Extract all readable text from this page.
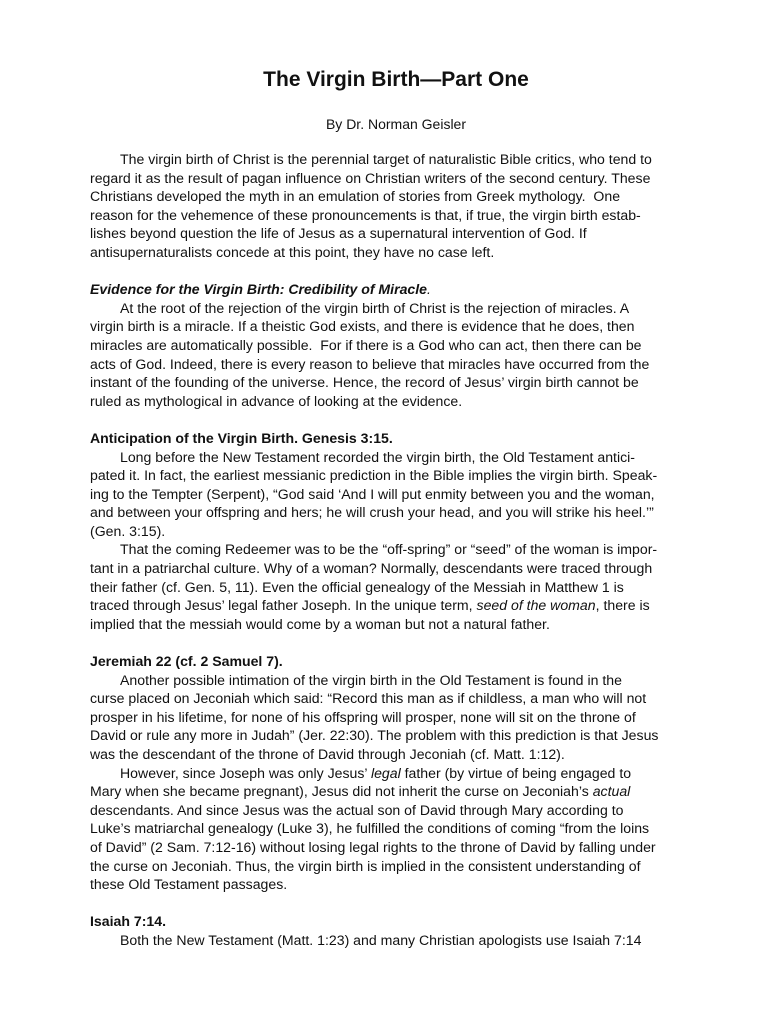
The Virgin Birth—Part One
By Dr. Norman Geisler
The virgin birth of Christ is the perennial target of naturalistic Bible critics, who tend to
regard it as the result of pagan influence on Christian writers of the second century. These
Christians developed the myth in an emulation of stories from Greek mythology.  One
reason for the vehemence of these pronouncements is that, if true, the virgin birth estab-
lishes beyond question the life of Jesus as a supernatural intervention of God. If
antisupernaturalists concede at this point, they have no case left.
Evidence for the Virgin Birth: Credibility of Miracle.
At the root of the rejection of the virgin birth of Christ is the rejection of miracles. A
virgin birth is a miracle. If a theistic God exists, and there is evidence that he does, then
miracles are automatically possible.  For if there is a God who can act, then there can be
acts of God. Indeed, there is every reason to believe that miracles have occurred from the
instant of the founding of the universe. Hence, the record of Jesus’ virgin birth cannot be
ruled as mythological in advance of looking at the evidence.
Anticipation of the Virgin Birth. Genesis 3:15.
Long before the New Testament recorded the virgin birth, the Old Testament antici-
pated it. In fact, the earliest messianic prediction in the Bible implies the virgin birth. Speak-
ing to the Tempter (Serpent), “God said ‘And I will put enmity between you and the woman,
and between your offspring and hers; he will crush your head, and you will strike his heel.’”
(Gen. 3:15).
That the coming Redeemer was to be the “off-spring” or “seed” of the woman is impor-
tant in a patriarchal culture. Why of a woman? Normally, descendants were traced through
their father (cf. Gen. 5, 11). Even the official genealogy of the Messiah in Matthew 1 is
traced through Jesus’ legal father Joseph. In the unique term, seed of the woman, there is
implied that the messiah would come by a woman but not a natural father.
Jeremiah 22 (cf. 2 Samuel 7).
Another possible intimation of the virgin birth in the Old Testament is found in the
curse placed on Jeconiah which said: “Record this man as if childless, a man who will not
prosper in his lifetime, for none of his offspring will prosper, none will sit on the throne of
David or rule any more in Judah” (Jer. 22:30). The problem with this prediction is that Jesus
was the descendant of the throne of David through Jeconiah (cf. Matt. 1:12).
However, since Joseph was only Jesus’ legal father (by virtue of being engaged to
Mary when she became pregnant), Jesus did not inherit the curse on Jeconiah’s actual
descendants. And since Jesus was the actual son of David through Mary according to
Luke’s matriarchal genealogy (Luke 3), he fulfilled the conditions of coming “from the loins
of David” (2 Sam. 7:12-16) without losing legal rights to the throne of David by falling under
the curse on Jeconiah. Thus, the virgin birth is implied in the consistent understanding of
these Old Testament passages.
Isaiah 7:14.
Both the New Testament (Matt. 1:23) and many Christian apologists use Isaiah 7:14
